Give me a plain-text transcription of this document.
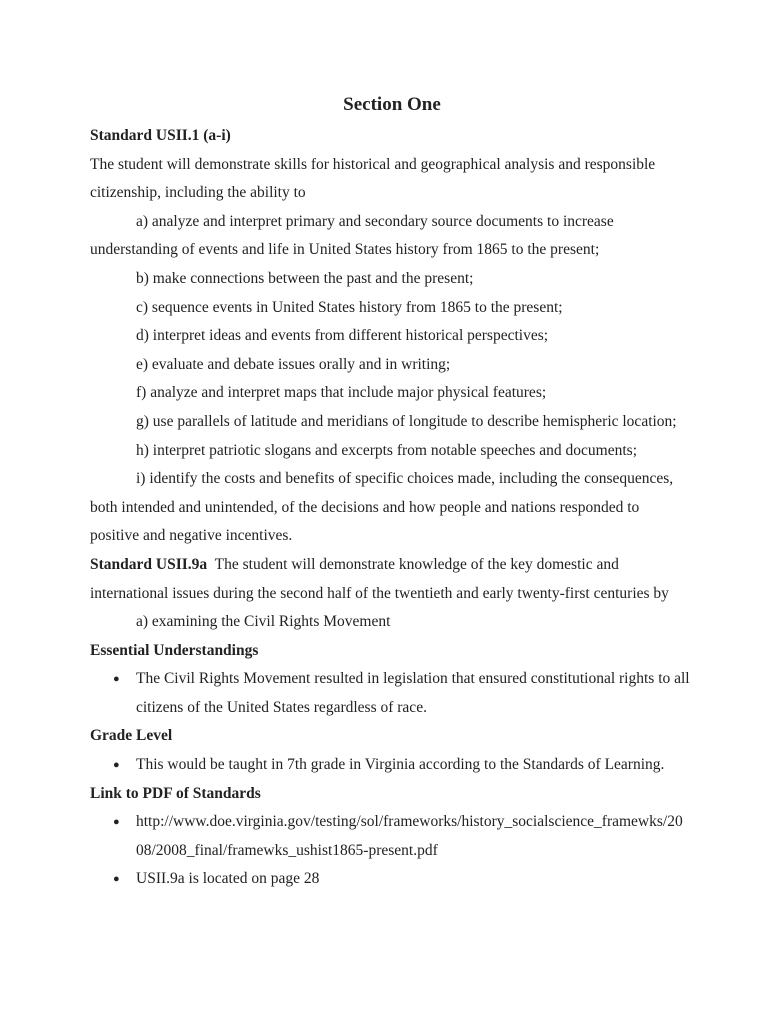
Section One

Standard USII.1 (a-i)

The student will demonstrate skills for historical and geographical analysis and responsible citizenship, including the ability to

a) analyze and interpret primary and secondary source documents to increase understanding of events and life in United States history from 1865 to the present;

b) make connections between the past and the present;

c) sequence events in United States history from 1865 to the present;

d) interpret ideas and events from different historical perspectives;

e) evaluate and debate issues orally and in writing;

f) analyze and interpret maps that include major physical features;

g) use parallels of latitude and meridians of longitude to describe hemispheric location;

h) interpret patriotic slogans and excerpts from notable speeches and documents;

i) identify the costs and benefits of specific choices made, including the consequences, both intended and unintended, of the decisions and how people and nations responded to positive and negative incentives.

Standard USII.9a The student will demonstrate knowledge of the key domestic and international issues during the second half of the twentieth and early twenty-first centuries by

a) examining the Civil Rights Movement

Essential Understandings

● The Civil Rights Movement resulted in legislation that ensured constitutional rights to all citizens of the United States regardless of race.

Grade Level

● This would be taught in 7th grade in Virginia according to the Standards of Learning.

Link to PDF of Standards

● http://www.doe.virginia.gov/testing/sol/frameworks/history_socialscience_framewks/2008/2008_final/framewks_ushist1865-present.pdf
● USII.9a is located on page 28
